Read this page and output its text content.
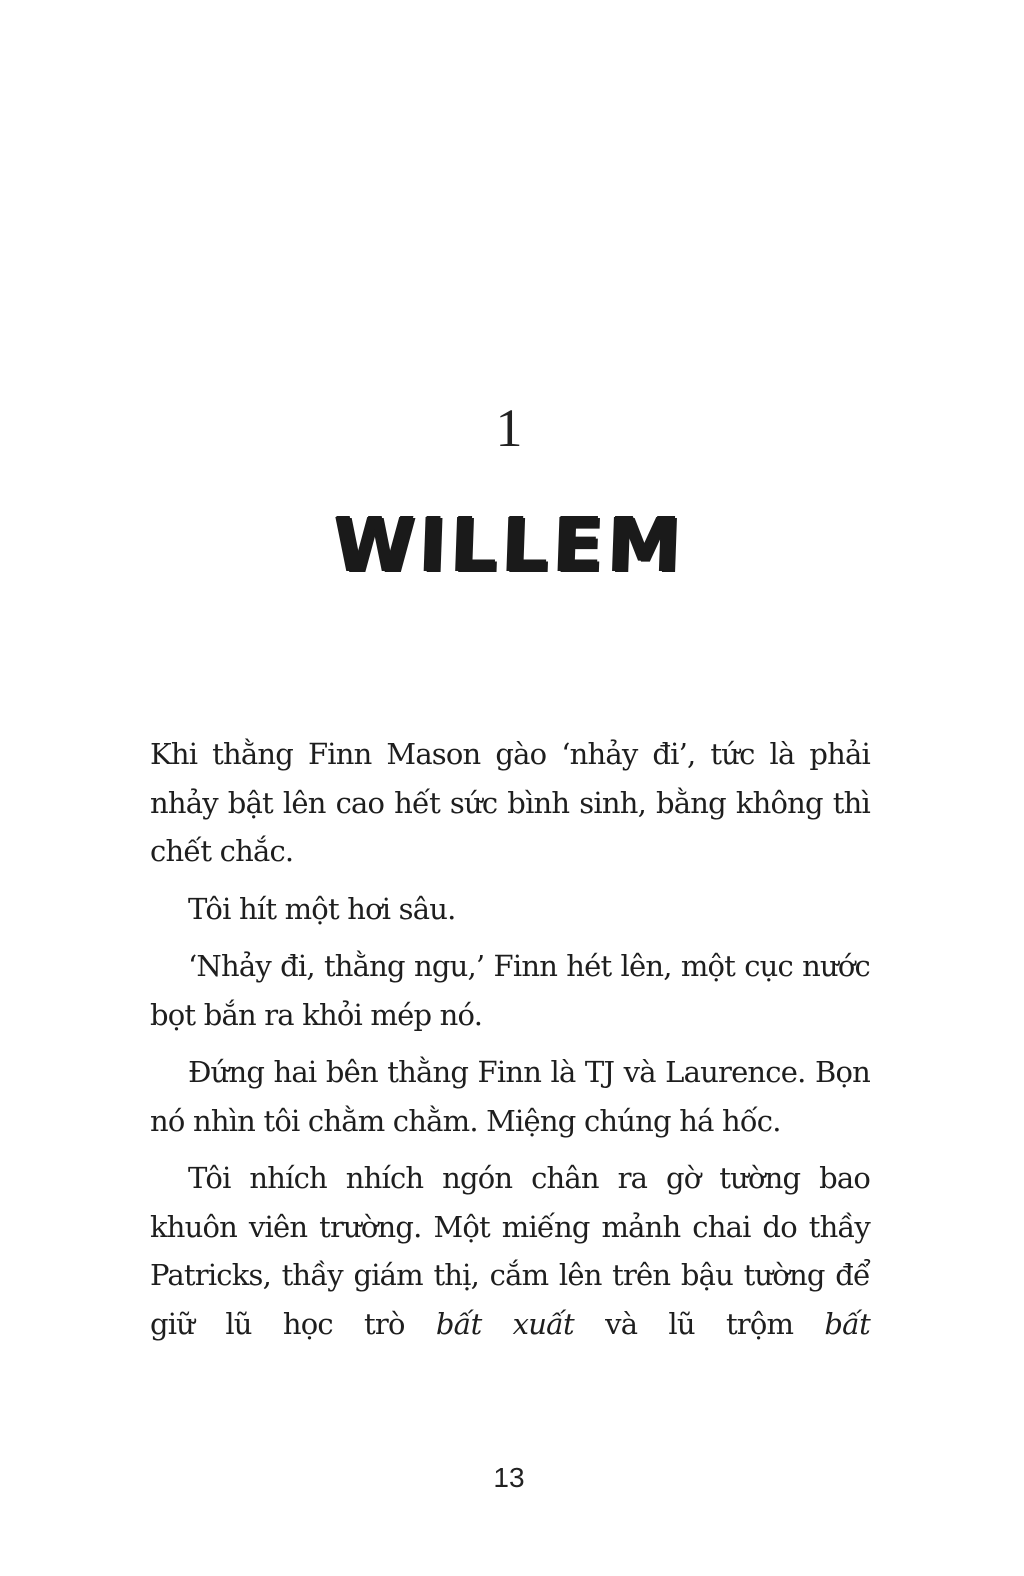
1
WILLEM

Khi thằng Finn Mason gào ‘nhảy đi’, tức là phải nhảy bật lên cao hết sức bình sinh, bằng không thì chết chắc.

Tôi hít một hơi sâu.

‘Nhảy đi, thằng ngu,’ Finn hét lên, một cục nước bọt bắn ra khỏi mép nó.

Đứng hai bên thằng Finn là TJ và Laurence. Bọn nó nhìn tôi chằm chằm. Miệng chúng há hốc.

Tôi nhích nhích ngón chân ra gờ tường bao khuôn viên trường. Một miếng mảnh chai do thầy Patricks, thầy giám thị, cắm lên trên bậu tường để giữ lũ học trò bất xuất và lũ trộm bất

13
